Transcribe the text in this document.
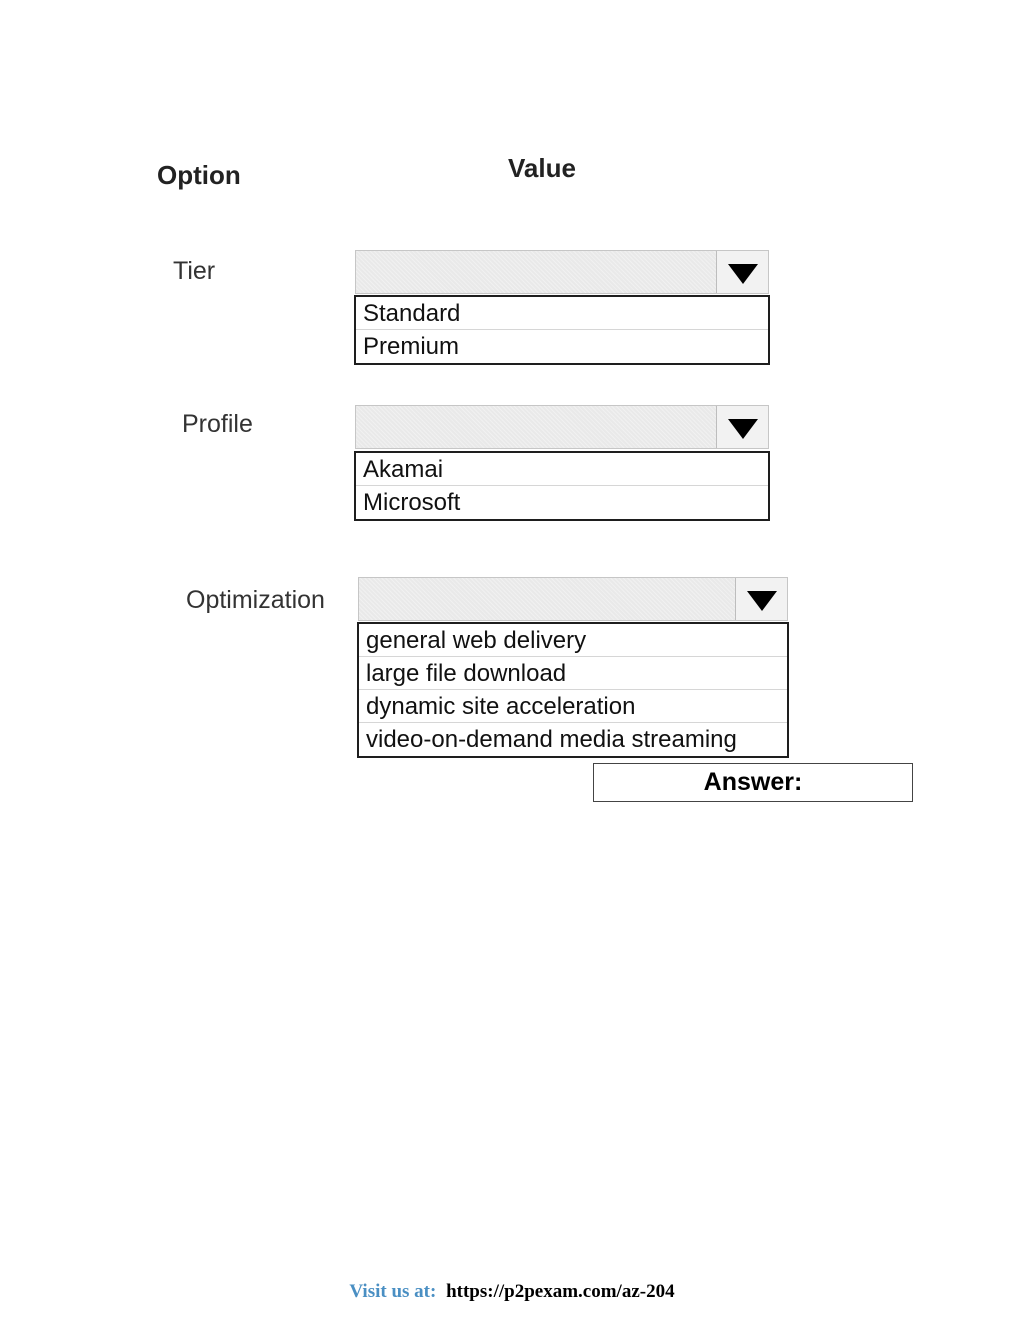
Option	Value
Tier
Standard
Premium
Profile
Akamai
Microsoft
Optimization
general web delivery
large file download
dynamic site acceleration
video-on-demand media streaming
Answer:
Visit us at: https://p2pexam.com/az-204
